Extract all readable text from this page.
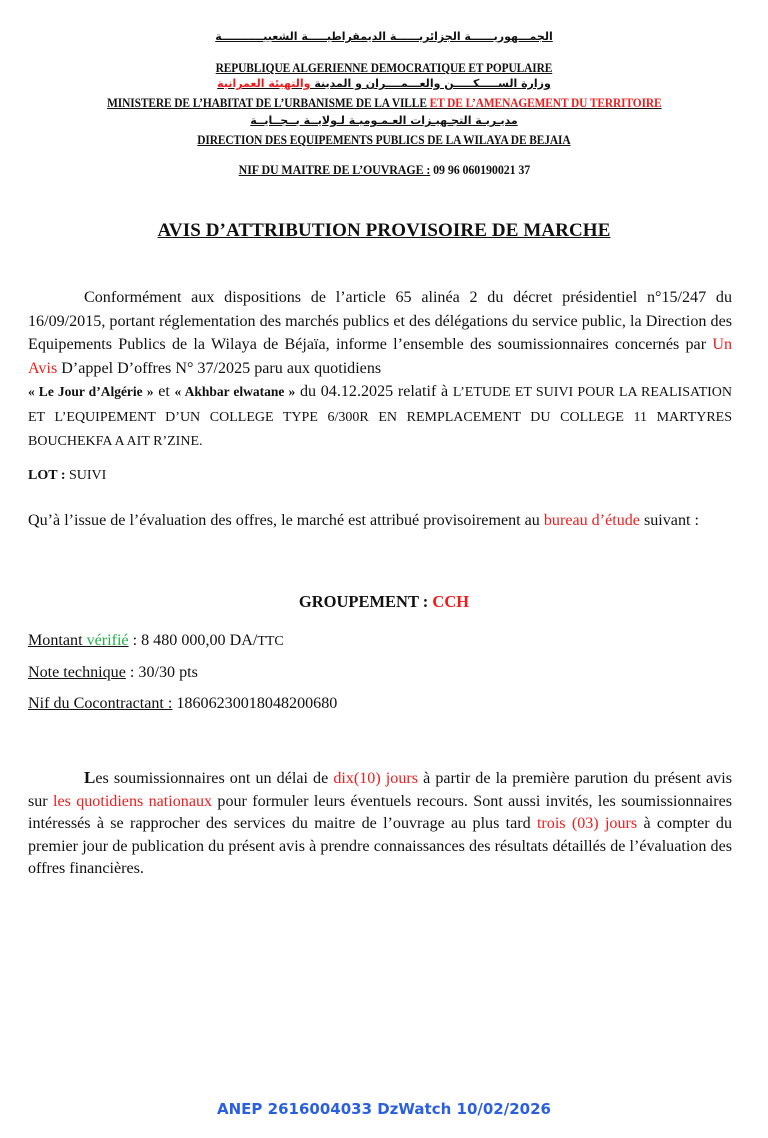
الجمـــهوريــــــة الجزائريــــــة الديمقراطيـــــة الشعبيـــــــــــة
REPUBLIQUE ALGERIENNE DEMOCRATIQUE ET POPULAIRE
وزارة الســـــكـــــن والعـــمــــران و المدينة والتهيئة العمرانية
MINISTERE DE L’HABITAT DE L’URBANISME DE LA VILLE ET DE L’AMENAGEMENT DU TERRITOIRE
مديـريـة التجـهيـزات العـمـوميـة لـولايــة بــجــايــة
DIRECTION DES EQUIPEMENTS PUBLICS DE LA WILAYA DE BEJAIA
NIF DU MAITRE DE L’OUVRAGE : 09 96 060190021 37
AVIS D’ATTRIBUTION PROVISOIRE DE MARCHE
Conformément aux dispositions de l’article 65 alinéa 2 du décret présidentiel n°15/247 du 16/09/2015, portant réglementation des marchés publics et des délégations du service public, la Direction des Equipements Publics de la Wilaya de Béjaïa, informe l’ensemble des soumissionnaires concernés par Un Avis D’appel D’offres N° 37/2025 paru aux quotidiens
« Le Jour d’Algérie » et « Akhbar elwatane » du 04.12.2025 relatif à L’ETUDE ET SUIVI POUR LA REALISATION ET L’EQUIPEMENT D’UN COLLEGE TYPE 6/300R EN REMPLACEMENT DU COLLEGE 11 MARTYRES BOUCHEKFA A AIT R’ZINE.
LOT : SUIVI
Qu’à l’issue de l’évaluation des offres, le marché est attribué provisoirement au bureau d’étude suivant :
GROUPEMENT : CCH
Montant vérifié : 8 480 000,00 DA/TTC
Note technique : 30/30 pts
Nif du Cocontractant : 18606230018048200680
Les soumissionnaires ont un délai de dix(10) jours à partir de la première parution du présent avis sur les quotidiens nationaux pour formuler leurs éventuels recours. Sont aussi invités, les soumissionnaires intéressés à se rapprocher des services du maitre de l’ouvrage au plus tard trois (03) jours à compter du premier jour de publication du présent avis à prendre connaissances des résultats détaillés de l’évaluation des offres financières.
ANEP 2616004033 DzWatch 10/02/2026
